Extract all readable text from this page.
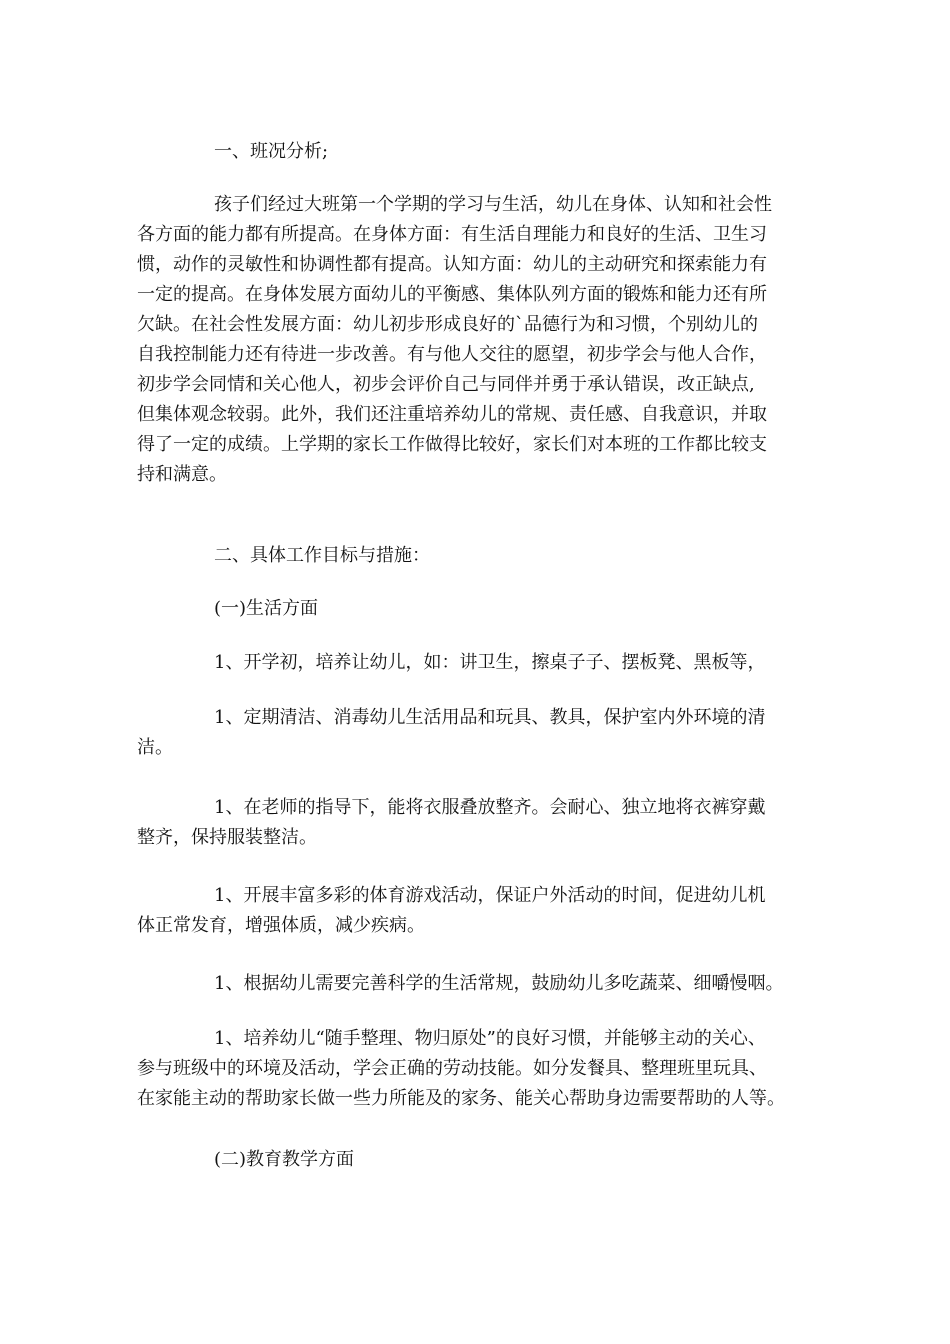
一、班况分析;

孩子们经过大班第一个学期的学习与生活，幼儿在身体、认知和社会性
各方面的能力都有所提高。在身体方面：有生活自理能力和良好的生活、卫生习
惯，动作的灵敏性和协调性都有提高。认知方面：幼儿的主动研究和探索能力有
一定的提高。在身体发展方面幼儿的平衡感、集体队列方面的锻炼和能力还有所
欠缺。在社会性发展方面：幼儿初步形成良好的`品德行为和习惯，个别幼儿的
自我控制能力还有待进一步改善。有与他人交往的愿望，初步学会与他人合作，
初步学会同情和关心他人，初步会评价自己与同伴并勇于承认错误，改正缺点,
但集体观念较弱。此外，我们还注重培养幼儿的常规、责任感、自我意识，并取
得了一定的成绩。上学期的家长工作做得比较好，家长们对本班的工作都比较支
持和满意。

二、具体工作目标与措施：

(一)生活方面

1、开学初，培养让幼儿，如：讲卫生，擦桌子子、摆板凳、黑板等，
1、定期清洁、消毒幼儿生活用品和玩具、教具，保护室内外环境的清
洁。
1、在老师的指导下，能将衣服叠放整齐。会耐心、独立地将衣裤穿戴
整齐，保持服装整洁。
1、开展丰富多彩的体育游戏活动，保证户外活动的时间，促进幼儿机
体正常发育，增强体质，减少疾病。
1、根据幼儿需要完善科学的生活常规，鼓励幼儿多吃蔬菜、细嚼慢咽。
1、培养幼儿“随手整理、物归原处”的良好习惯，并能够主动的关心、
参与班级中的环境及活动，学会正确的劳动技能。如分发餐具、整理班里玩具、
在家能主动的帮助家长做一些力所能及的家务、能关心帮助身边需要帮助的人等。

(二)教育教学方面
